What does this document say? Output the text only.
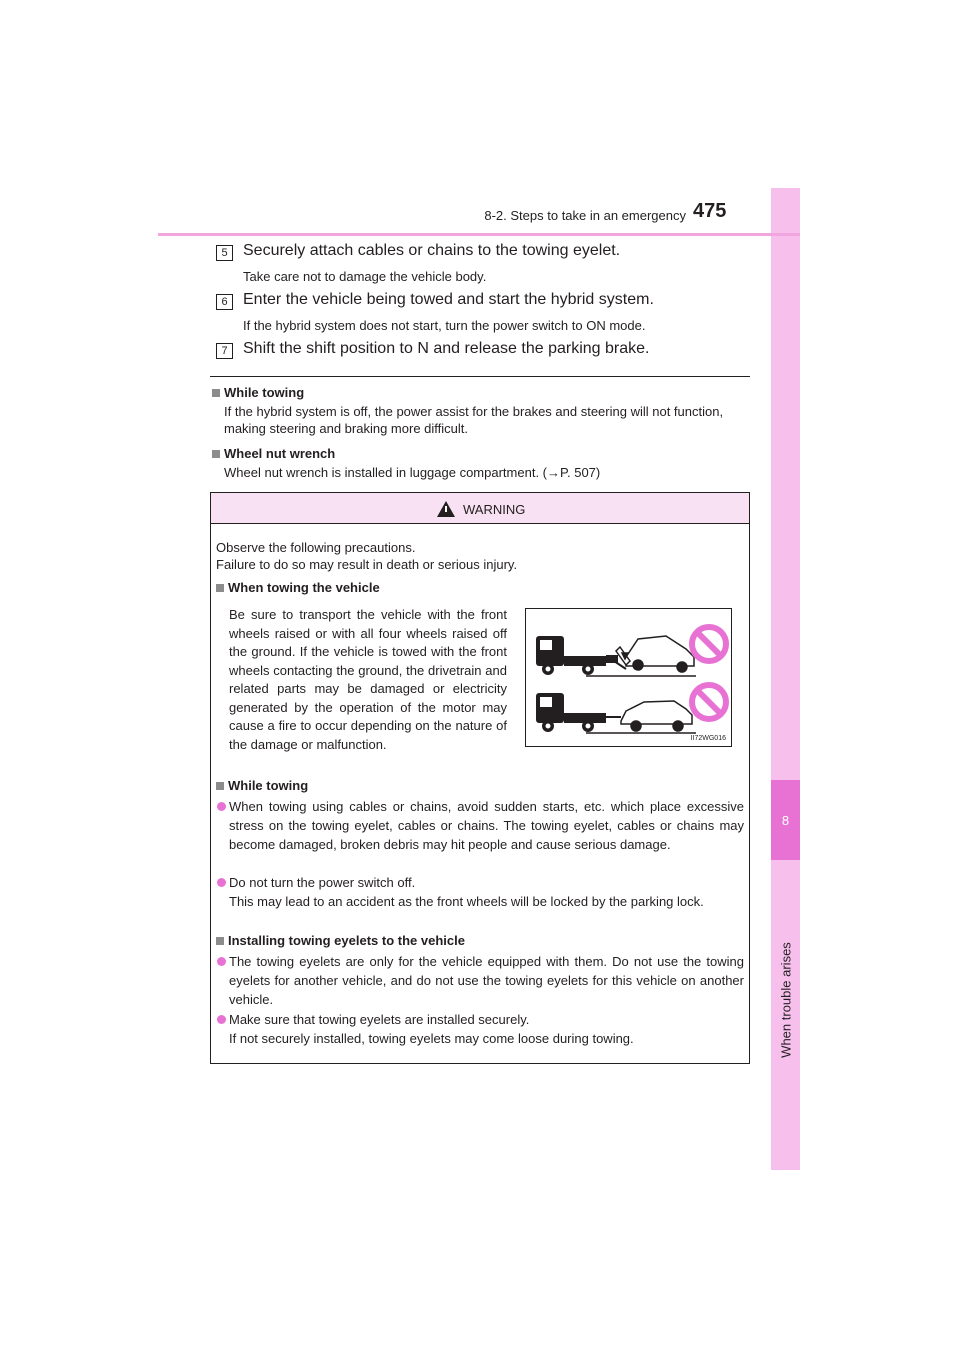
8
When trouble arises
8-2. Steps to take in an emergency 475
5 Securely attach cables or chains to the towing eyelet.
Take care not to damage the vehicle body.
6 Enter the vehicle being towed and start the hybrid system.
If the hybrid system does not start, turn the power switch to ON mode.
7 Shift the shift position to N and release the parking brake.
While towing
If the hybrid system is off, the power assist for the brakes and steering will not function, making steering and braking more difficult.
Wheel nut wrench
Wheel nut wrench is installed in luggage compartment. (→P. 507)
WARNING
Observe the following precautions.
Failure to do so may result in death or serious injury.
When towing the vehicle
Be sure to transport the vehicle with the front wheels raised or with all four wheels raised off the ground. If the vehicle is towed with the front wheels contacting the ground, the drivetrain and related parts may be damaged or electricity generated by the operation of the motor may cause a fire to occur depending on the nature of the damage or malfunction.	II72WG016
While towing
When towing using cables or chains, avoid sudden starts, etc. which place excessive stress on the towing eyelet, cables or chains. The towing eyelet, cables or chains may become damaged, broken debris may hit people and cause serious damage.
Do not turn the power switch off.
This may lead to an accident as the front wheels will be locked by the parking lock.
Installing towing eyelets to the vehicle
The towing eyelets are only for the vehicle equipped with them. Do not use the towing eyelets for another vehicle, and do not use the towing eyelets for this vehicle on another vehicle.
Make sure that towing eyelets are installed securely.
If not securely installed, towing eyelets may come loose during towing.
